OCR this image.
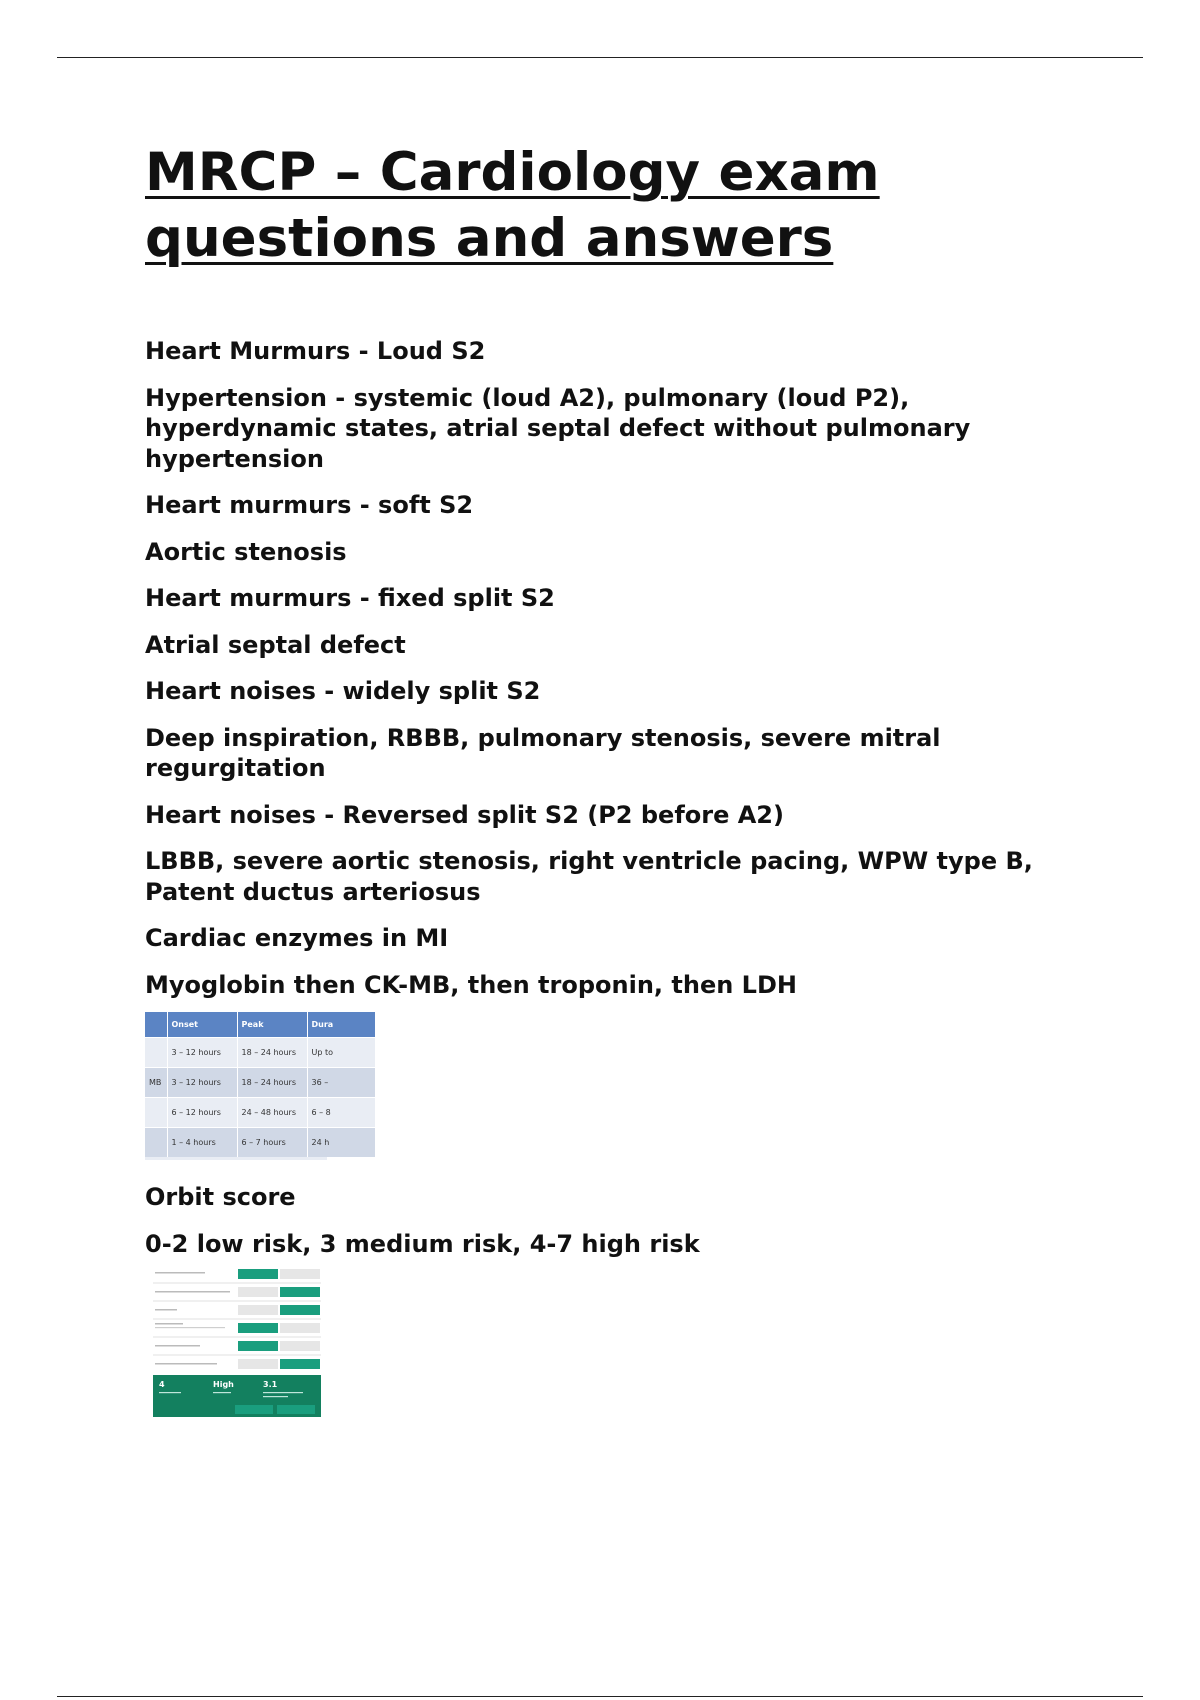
MRCP – Cardiology exam
questions and answers

Heart Murmurs - Loud S2

Hypertension - systemic (loud A2), pulmonary (loud P2), hyperdynamic states, atrial septal defect without pulmonary hypertension

Heart murmurs - soft S2

Aortic stenosis

Heart murmurs - fixed split S2

Atrial septal defect

Heart noises - widely split S2

Deep inspiration, RBBB, pulmonary stenosis, severe mitral regurgitation

Heart noises - Reversed split S2 (P2 before A2)

LBBB, severe aortic stenosis, right ventricle pacing, WPW type B, Patent ductus arteriosus

Cardiac enzymes in MI

Myoglobin then CK-MB, then troponin, then LDH

	Onset	Peak	Dura
	3 – 12 hours	18 – 24 hours	Up to
MB	3 – 12 hours	18 – 24 hours	36 –
	6 – 12 hours	24 – 48 hours	6 – 8
	1 – 4 hours	6 – 7 hours	24 h

Orbit score

0-2 low risk, 3 medium risk, 4-7 high risk

4	High	3.1
